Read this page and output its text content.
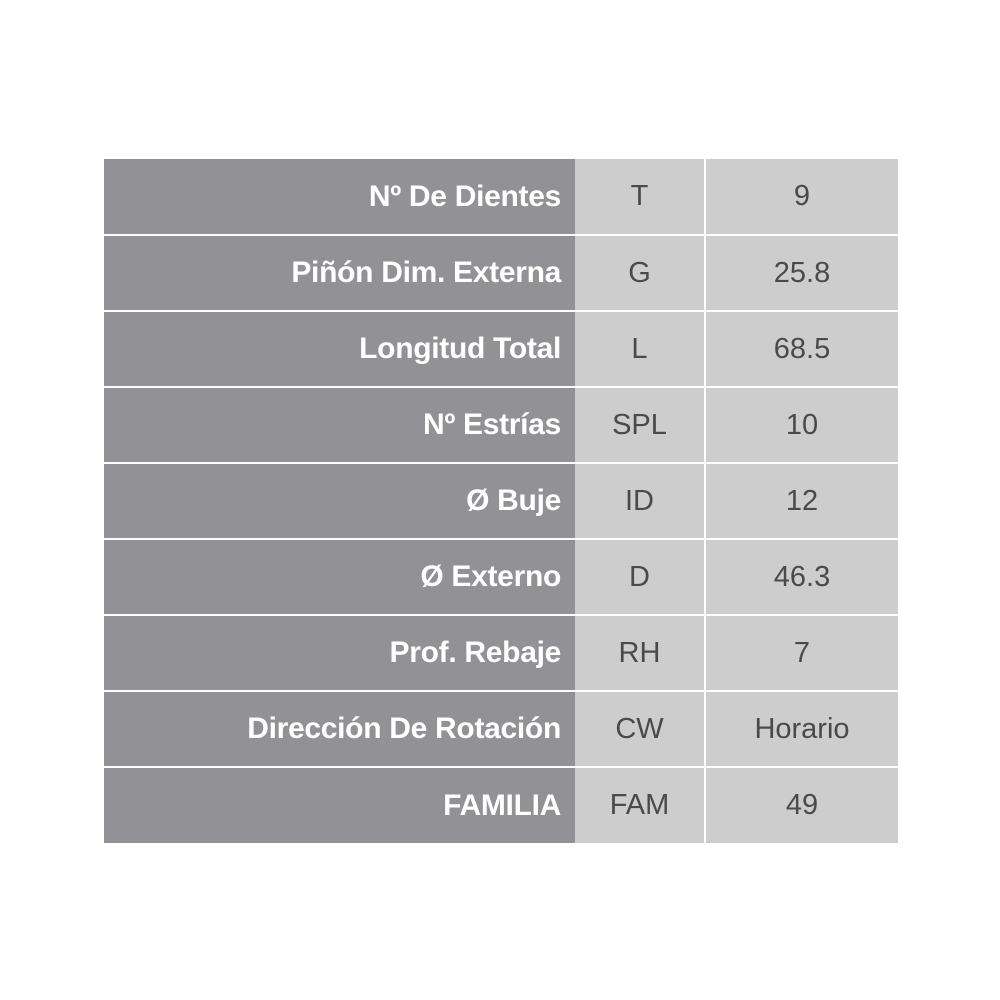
Nº De Dientes	T	9
Piñón Dim. Externa	G	25.8
Longitud Total	L	68.5
Nº Estrías	SPL	10
Ø Buje	ID	12
Ø Externo	D	46.3
Prof. Rebaje	RH	7
Dirección De Rotación	CW	Horario
FAMILIA	FAM	49
